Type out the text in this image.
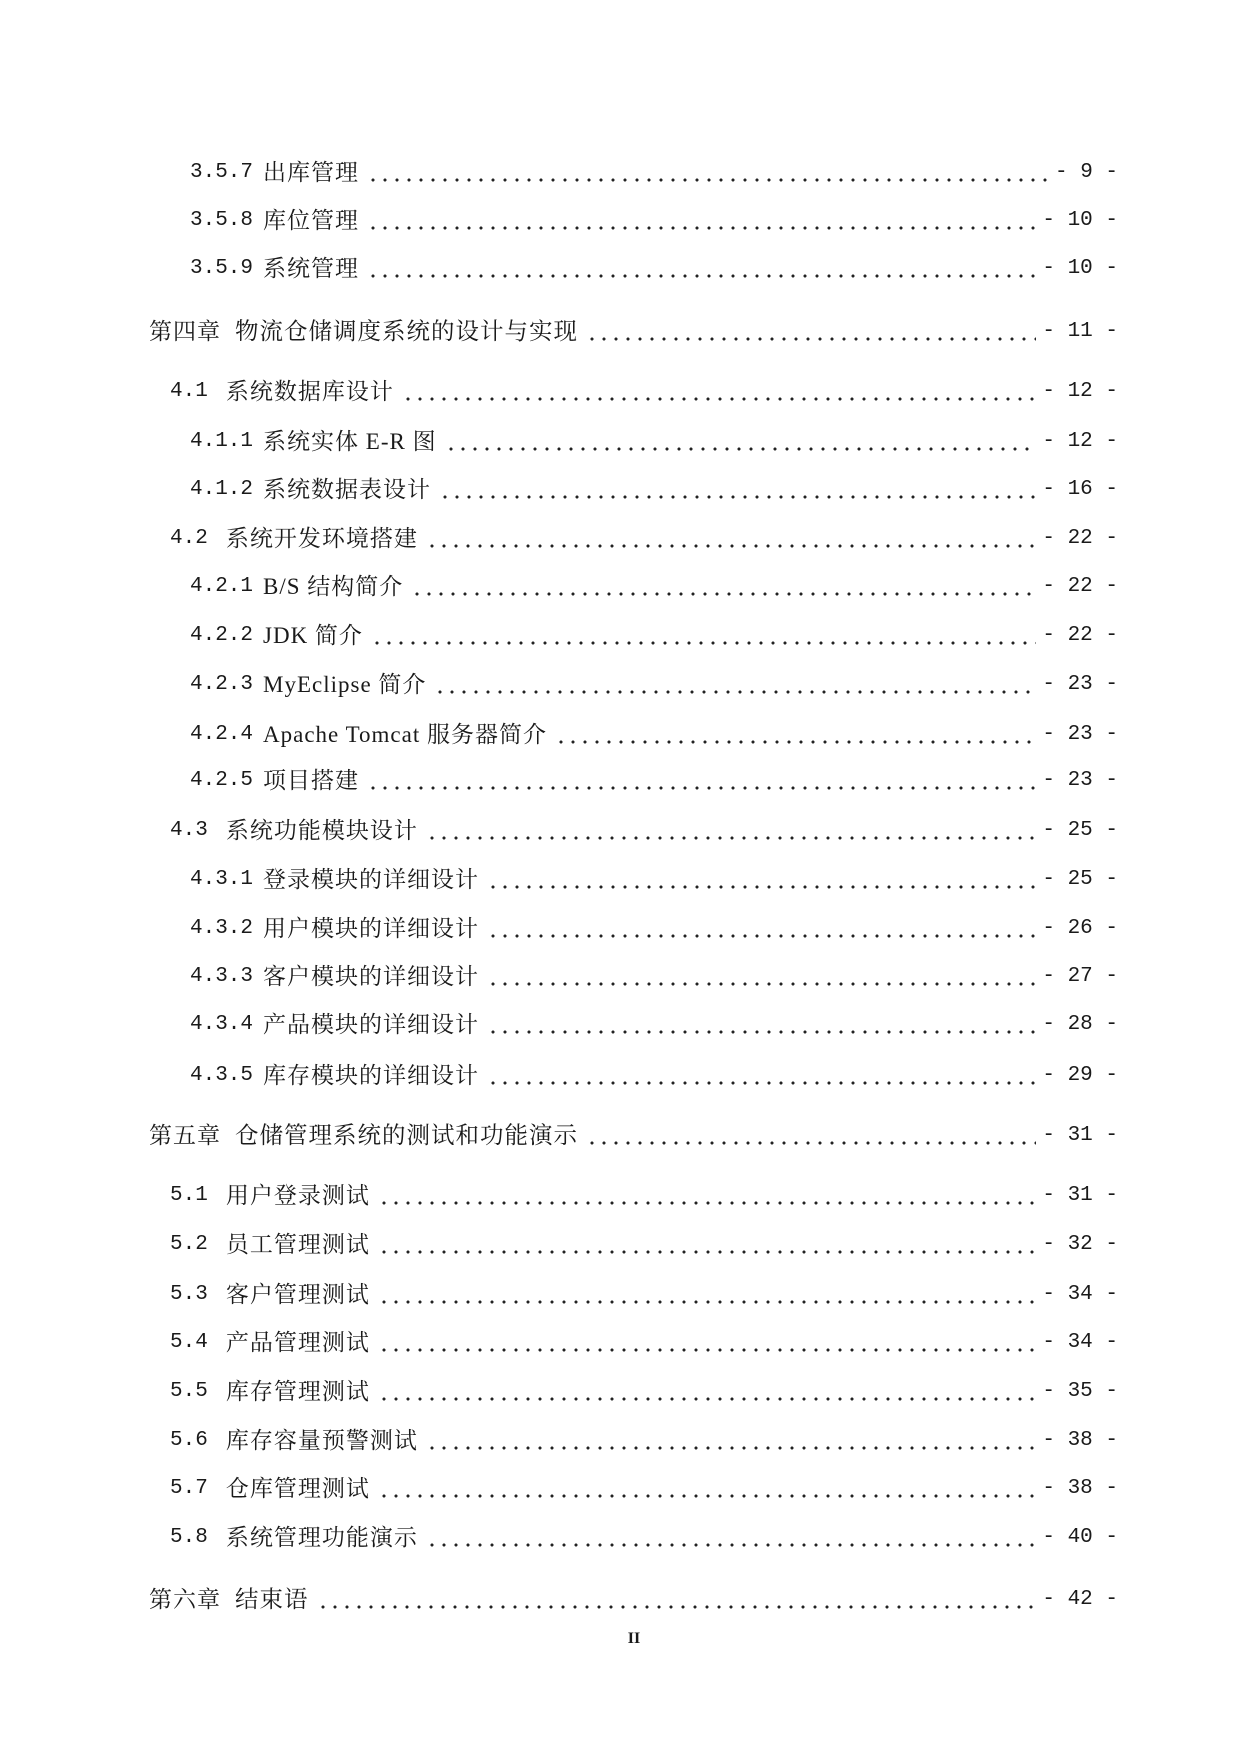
3.5.7 出库管理	- 9 -
3.5.8 库位管理	- 10 -
3.5.9 系统管理	- 10 -
第四章 物流仓储调度系统的设计与实现	- 11 -
4.1 系统数据库设计	- 12 -
4.1.1 系统实体 E-R 图	- 12 -
4.1.2 系统数据表设计	- 16 -
4.2 系统开发环境搭建	- 22 -
4.2.1 B/S 结构简介	- 22 -
4.2.2 JDK 简介	- 22 -
4.2.3 MyEclipse 简介	- 23 -
4.2.4 Apache Tomcat 服务器简介	- 23 -
4.2.5 项目搭建	- 23 -
4.3 系统功能模块设计	- 25 -
4.3.1 登录模块的详细设计	- 25 -
4.3.2 用户模块的详细设计	- 26 -
4.3.3 客户模块的详细设计	- 27 -
4.3.4 产品模块的详细设计	- 28 -
4.3.5 库存模块的详细设计	- 29 -
第五章 仓储管理系统的测试和功能演示	- 31 -
5.1 用户登录测试	- 31 -
5.2 员工管理测试	- 32 -
5.3 客户管理测试	- 34 -
5.4 产品管理测试	- 34 -
5.5 库存管理测试	- 35 -
5.6 库存容量预警测试	- 38 -
5.7 仓库管理测试	- 38 -
5.8 系统管理功能演示	- 40 -
第六章 结束语	- 42 -
II
